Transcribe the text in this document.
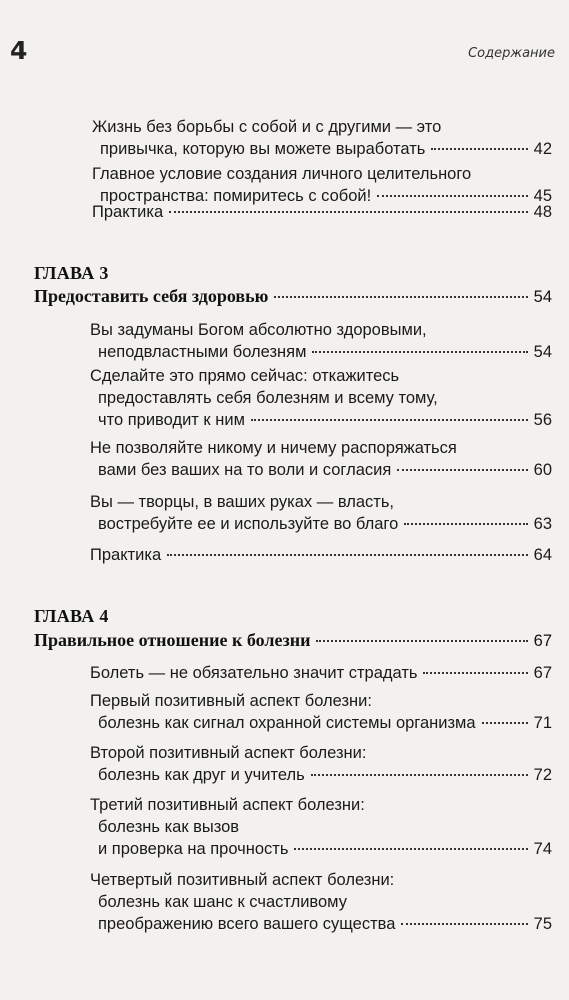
4	Содержание
Жизнь без борьбы с собой и с другими — это
привычка, которую вы можете выработать	42
Главное условие создания личного целительного
пространства: помиритесь с собой!	45
Практика	48
ГЛАВА 3
Предоставить себя здоровью	54
Вы задуманы Богом абсолютно здоровыми,
неподвластными болезням	54
Сделайте это прямо сейчас: откажитесь
предоставлять себя болезням и всему тому,
что приводит к ним	56
Не позволяйте никому и ничему распоряжаться
вами без ваших на то воли и согласия	60
Вы — творцы, в ваших руках — власть,
востребуйте ее и используйте во благо	63
Практика	64
ГЛАВА 4
Правильное отношение к болезни	67
Болеть — не обязательно значит страдать	67
Первый позитивный аспект болезни:
болезнь как сигнал охранной системы организма	71
Второй позитивный аспект болезни:
болезнь как друг и учитель	72
Третий позитивный аспект болезни:
болезнь как вызов
и проверка на прочность	74
Четвертый позитивный аспект болезни:
болезнь как шанс к счастливому
преображению всего вашего существа	75
